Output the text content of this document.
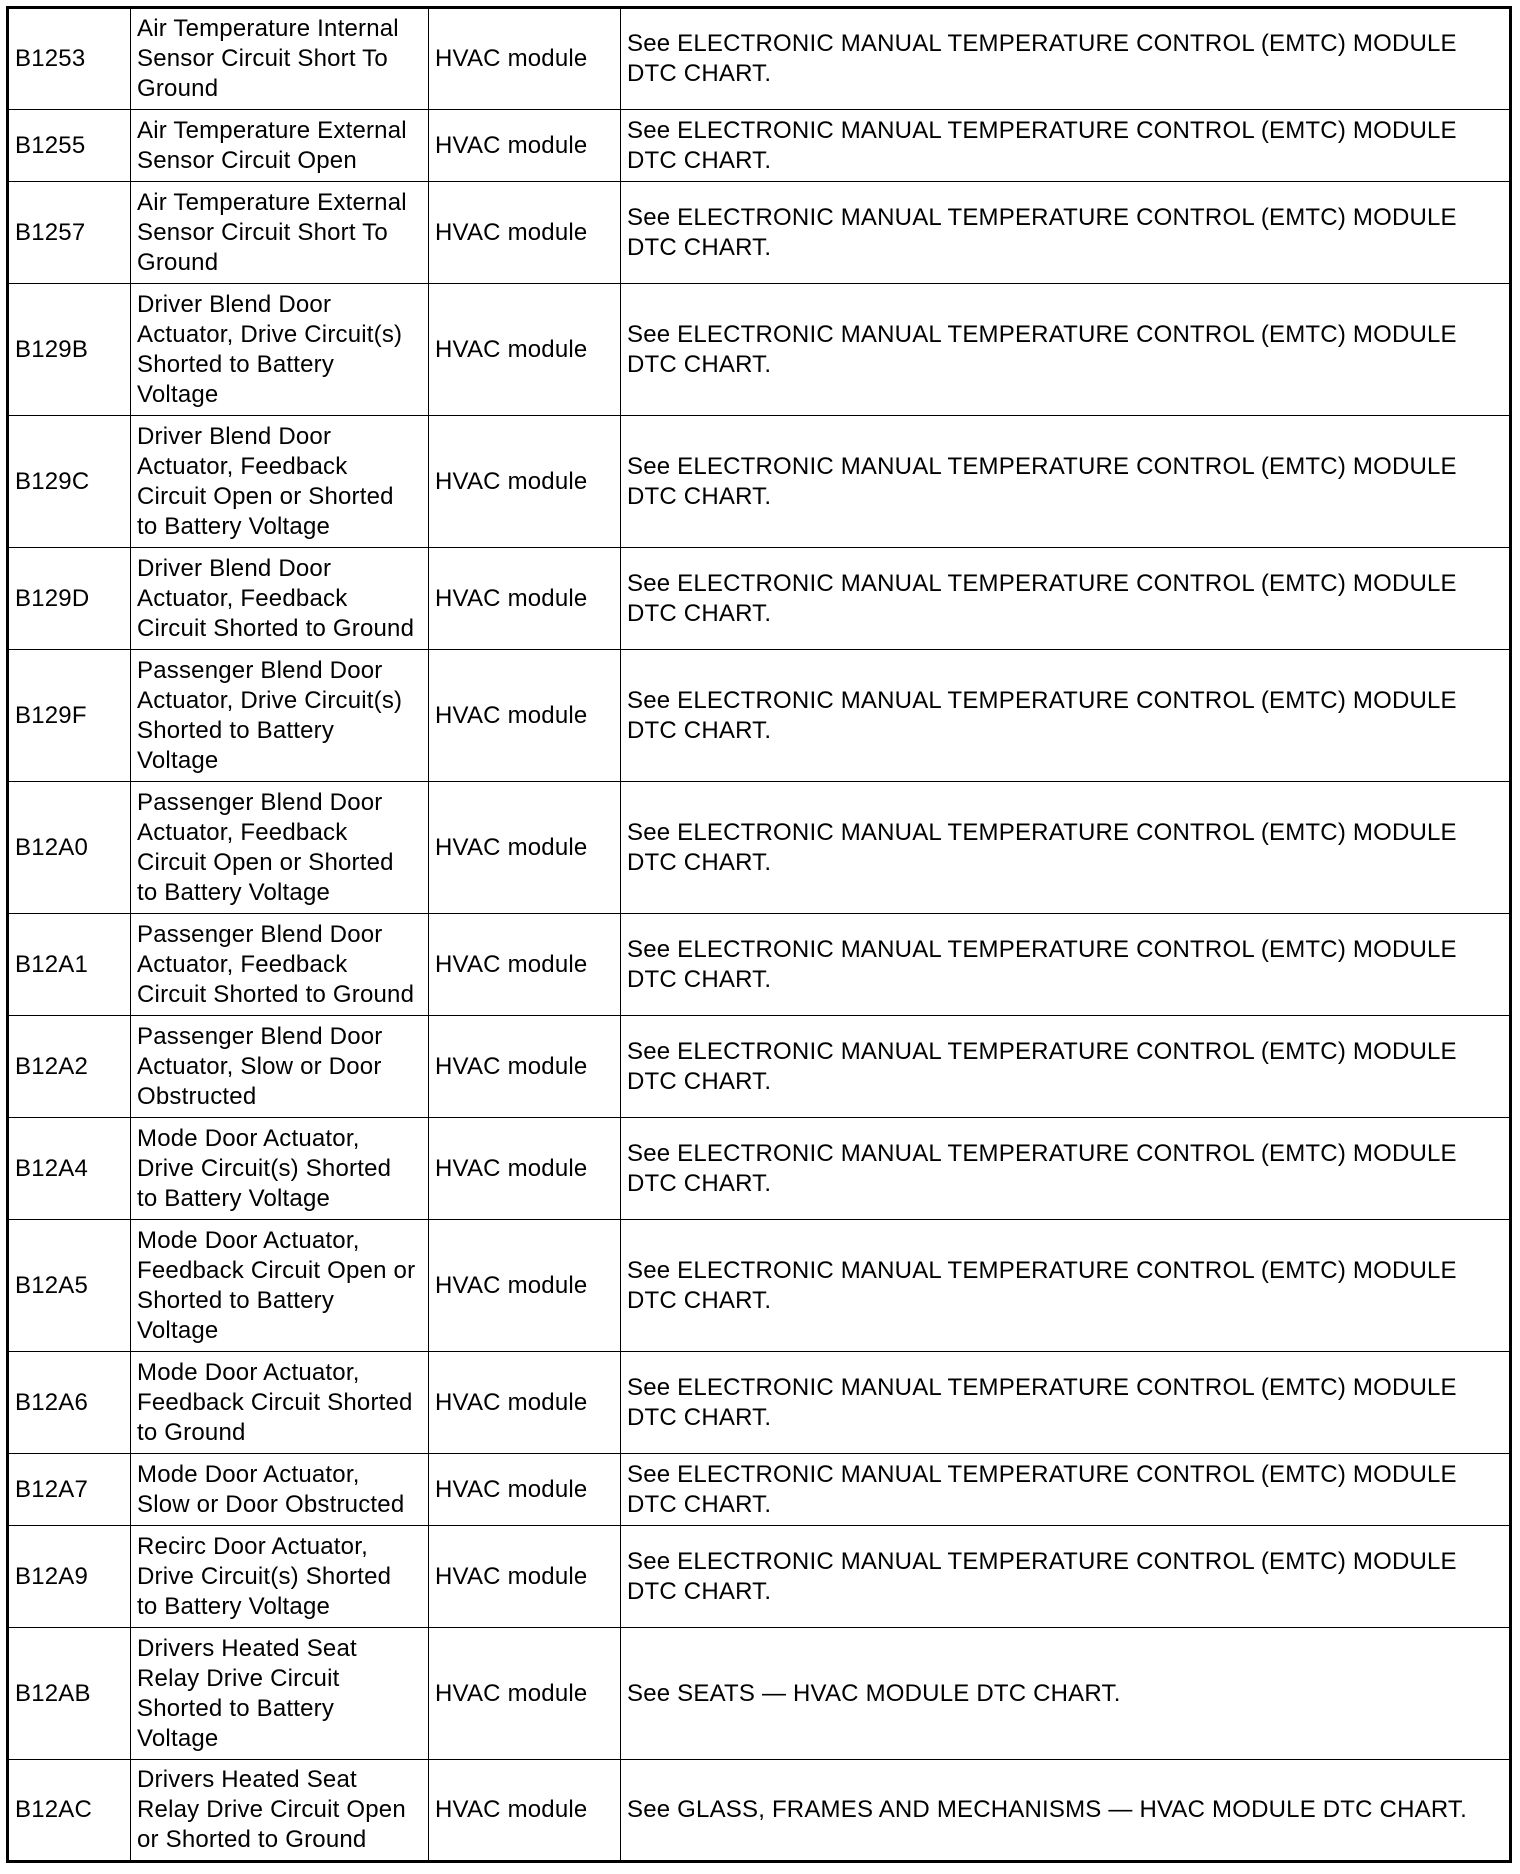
B1253	Air Temperature Internal
Sensor Circuit Short To
Ground	HVAC module	See ELECTRONIC MANUAL TEMPERATURE CONTROL (EMTC) MODULE DTC CHART.
B1255	Air Temperature External
Sensor Circuit Open	HVAC module	See ELECTRONIC MANUAL TEMPERATURE CONTROL (EMTC) MODULE DTC CHART.
B1257	Air Temperature External
Sensor Circuit Short To
Ground	HVAC module	See ELECTRONIC MANUAL TEMPERATURE CONTROL (EMTC) MODULE DTC CHART.
B129B	Driver Blend Door
Actuator, Drive Circuit(s)
Shorted to Battery
Voltage	HVAC module	See ELECTRONIC MANUAL TEMPERATURE CONTROL (EMTC) MODULE DTC CHART.
B129C	Driver Blend Door
Actuator, Feedback
Circuit Open or Shorted
to Battery Voltage	HVAC module	See ELECTRONIC MANUAL TEMPERATURE CONTROL (EMTC) MODULE DTC CHART.
B129D	Driver Blend Door
Actuator, Feedback
Circuit Shorted to Ground	HVAC module	See ELECTRONIC MANUAL TEMPERATURE CONTROL (EMTC) MODULE DTC CHART.
B129F	Passenger Blend Door
Actuator, Drive Circuit(s)
Shorted to Battery
Voltage	HVAC module	See ELECTRONIC MANUAL TEMPERATURE CONTROL (EMTC) MODULE DTC CHART.
B12A0	Passenger Blend Door
Actuator, Feedback
Circuit Open or Shorted
to Battery Voltage	HVAC module	See ELECTRONIC MANUAL TEMPERATURE CONTROL (EMTC) MODULE DTC CHART.
B12A1	Passenger Blend Door
Actuator, Feedback
Circuit Shorted to Ground	HVAC module	See ELECTRONIC MANUAL TEMPERATURE CONTROL (EMTC) MODULE DTC CHART.
B12A2	Passenger Blend Door
Actuator, Slow or Door
Obstructed	HVAC module	See ELECTRONIC MANUAL TEMPERATURE CONTROL (EMTC) MODULE DTC CHART.
B12A4	Mode Door Actuator,
Drive Circuit(s) Shorted
to Battery Voltage	HVAC module	See ELECTRONIC MANUAL TEMPERATURE CONTROL (EMTC) MODULE DTC CHART.
B12A5	Mode Door Actuator,
Feedback Circuit Open or
Shorted to Battery
Voltage	HVAC module	See ELECTRONIC MANUAL TEMPERATURE CONTROL (EMTC) MODULE DTC CHART.
B12A6	Mode Door Actuator,
Feedback Circuit Shorted
to Ground	HVAC module	See ELECTRONIC MANUAL TEMPERATURE CONTROL (EMTC) MODULE DTC CHART.
B12A7	Mode Door Actuator,
Slow or Door Obstructed	HVAC module	See ELECTRONIC MANUAL TEMPERATURE CONTROL (EMTC) MODULE DTC CHART.
B12A9	Recirc Door Actuator,
Drive Circuit(s) Shorted
to Battery Voltage	HVAC module	See ELECTRONIC MANUAL TEMPERATURE CONTROL (EMTC) MODULE DTC CHART.
B12AB	Drivers Heated Seat
Relay Drive Circuit
Shorted to Battery
Voltage	HVAC module	See SEATS — HVAC MODULE DTC CHART.
B12AC	Drivers Heated Seat
Relay Drive Circuit Open
or Shorted to Ground	HVAC module	See GLASS, FRAMES AND MECHANISMS — HVAC MODULE DTC CHART.
